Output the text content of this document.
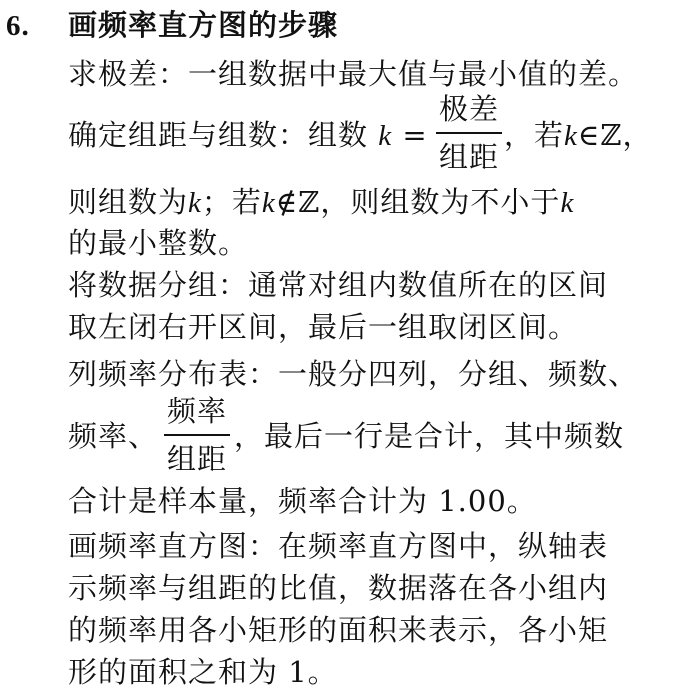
6. 画频率直方图的步骤
求极差：一组数据中最大值与最小值的差。
确定组距与组数：组数 k =
极差
组距
，若k∈ℤ，
则组数为k；若k∉ℤ，则组数为不小于k
的最小整数。
将数据分组：通常对组内数值所在的区间
取左闭右开区间，最后一组取闭区间。
列频率分布表：一般分四列，分组、频数、
频率、
频率
组距
，最后一行是合计，其中频数
合计是样本量，频率合计为 1.00。
画频率直方图：在频率直方图中，纵轴表
示频率与组距的比值，数据落在各小组内
的频率用各小矩形的面积来表示，各小矩
形的面积之和为 1。
